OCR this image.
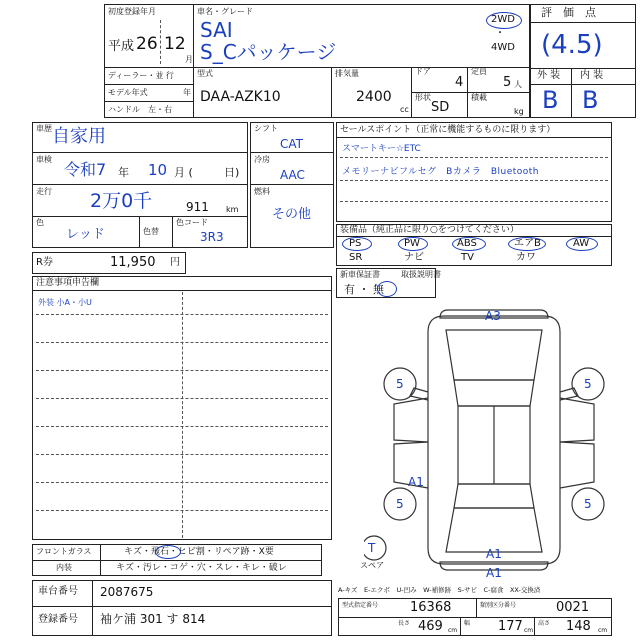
初度登録年月
平成 26 12
月
車名・グレード
SAI
S_Cパッケージ
2WD
・
4WD
ディーラー・並 行
モデル年式	年
ハンドル　左・右
型式
DAA-AZK10
排気量
2400
cc
ドア
4
形状
SD
定員
5 人
積載
kg
評　価　点
(4.5)
外 装 内 装
B B
車歴 自家用
車検
令和7 年 10 月 (	日)
走行 2万0千	911 km
色
レッド	色替
色コード
3R3
シフト
CAT
冷房
AAC
燃料
その他
セールスポイント（正常に機能するものに限ります）
スマートキー☆ETC
メモリーナビフルセグ　Bカメラ　Bluetooth
装備品（純正品に限り○をつけてください）
PS	PW	ABS	エアB	AW
SR	ナビ	TV	カワ
新車保証書	取扱説明書
有 ・ 無
R券	11,950 円
注意事項申告欄
外装 小A・小U
A3
5	5
A1
5	5
A1
A1
T
スペア
フロントガラス	キズ・飛石・ヒビ割・リペア跡・X要
内装	キズ・汚レ・コゲ・穴・スレ・キレ・破レ
車台番号 2087675
登録番号 袖ケ浦 301 す 814
A-キズ　E-エクボ　U-凹み　W-補修跡　S-サビ　C-腐食　XX-交換済
型式指定番号 16368	類別区分番号	0021
長さ 469 cm
幅 177 cm
高さ 148 cm
